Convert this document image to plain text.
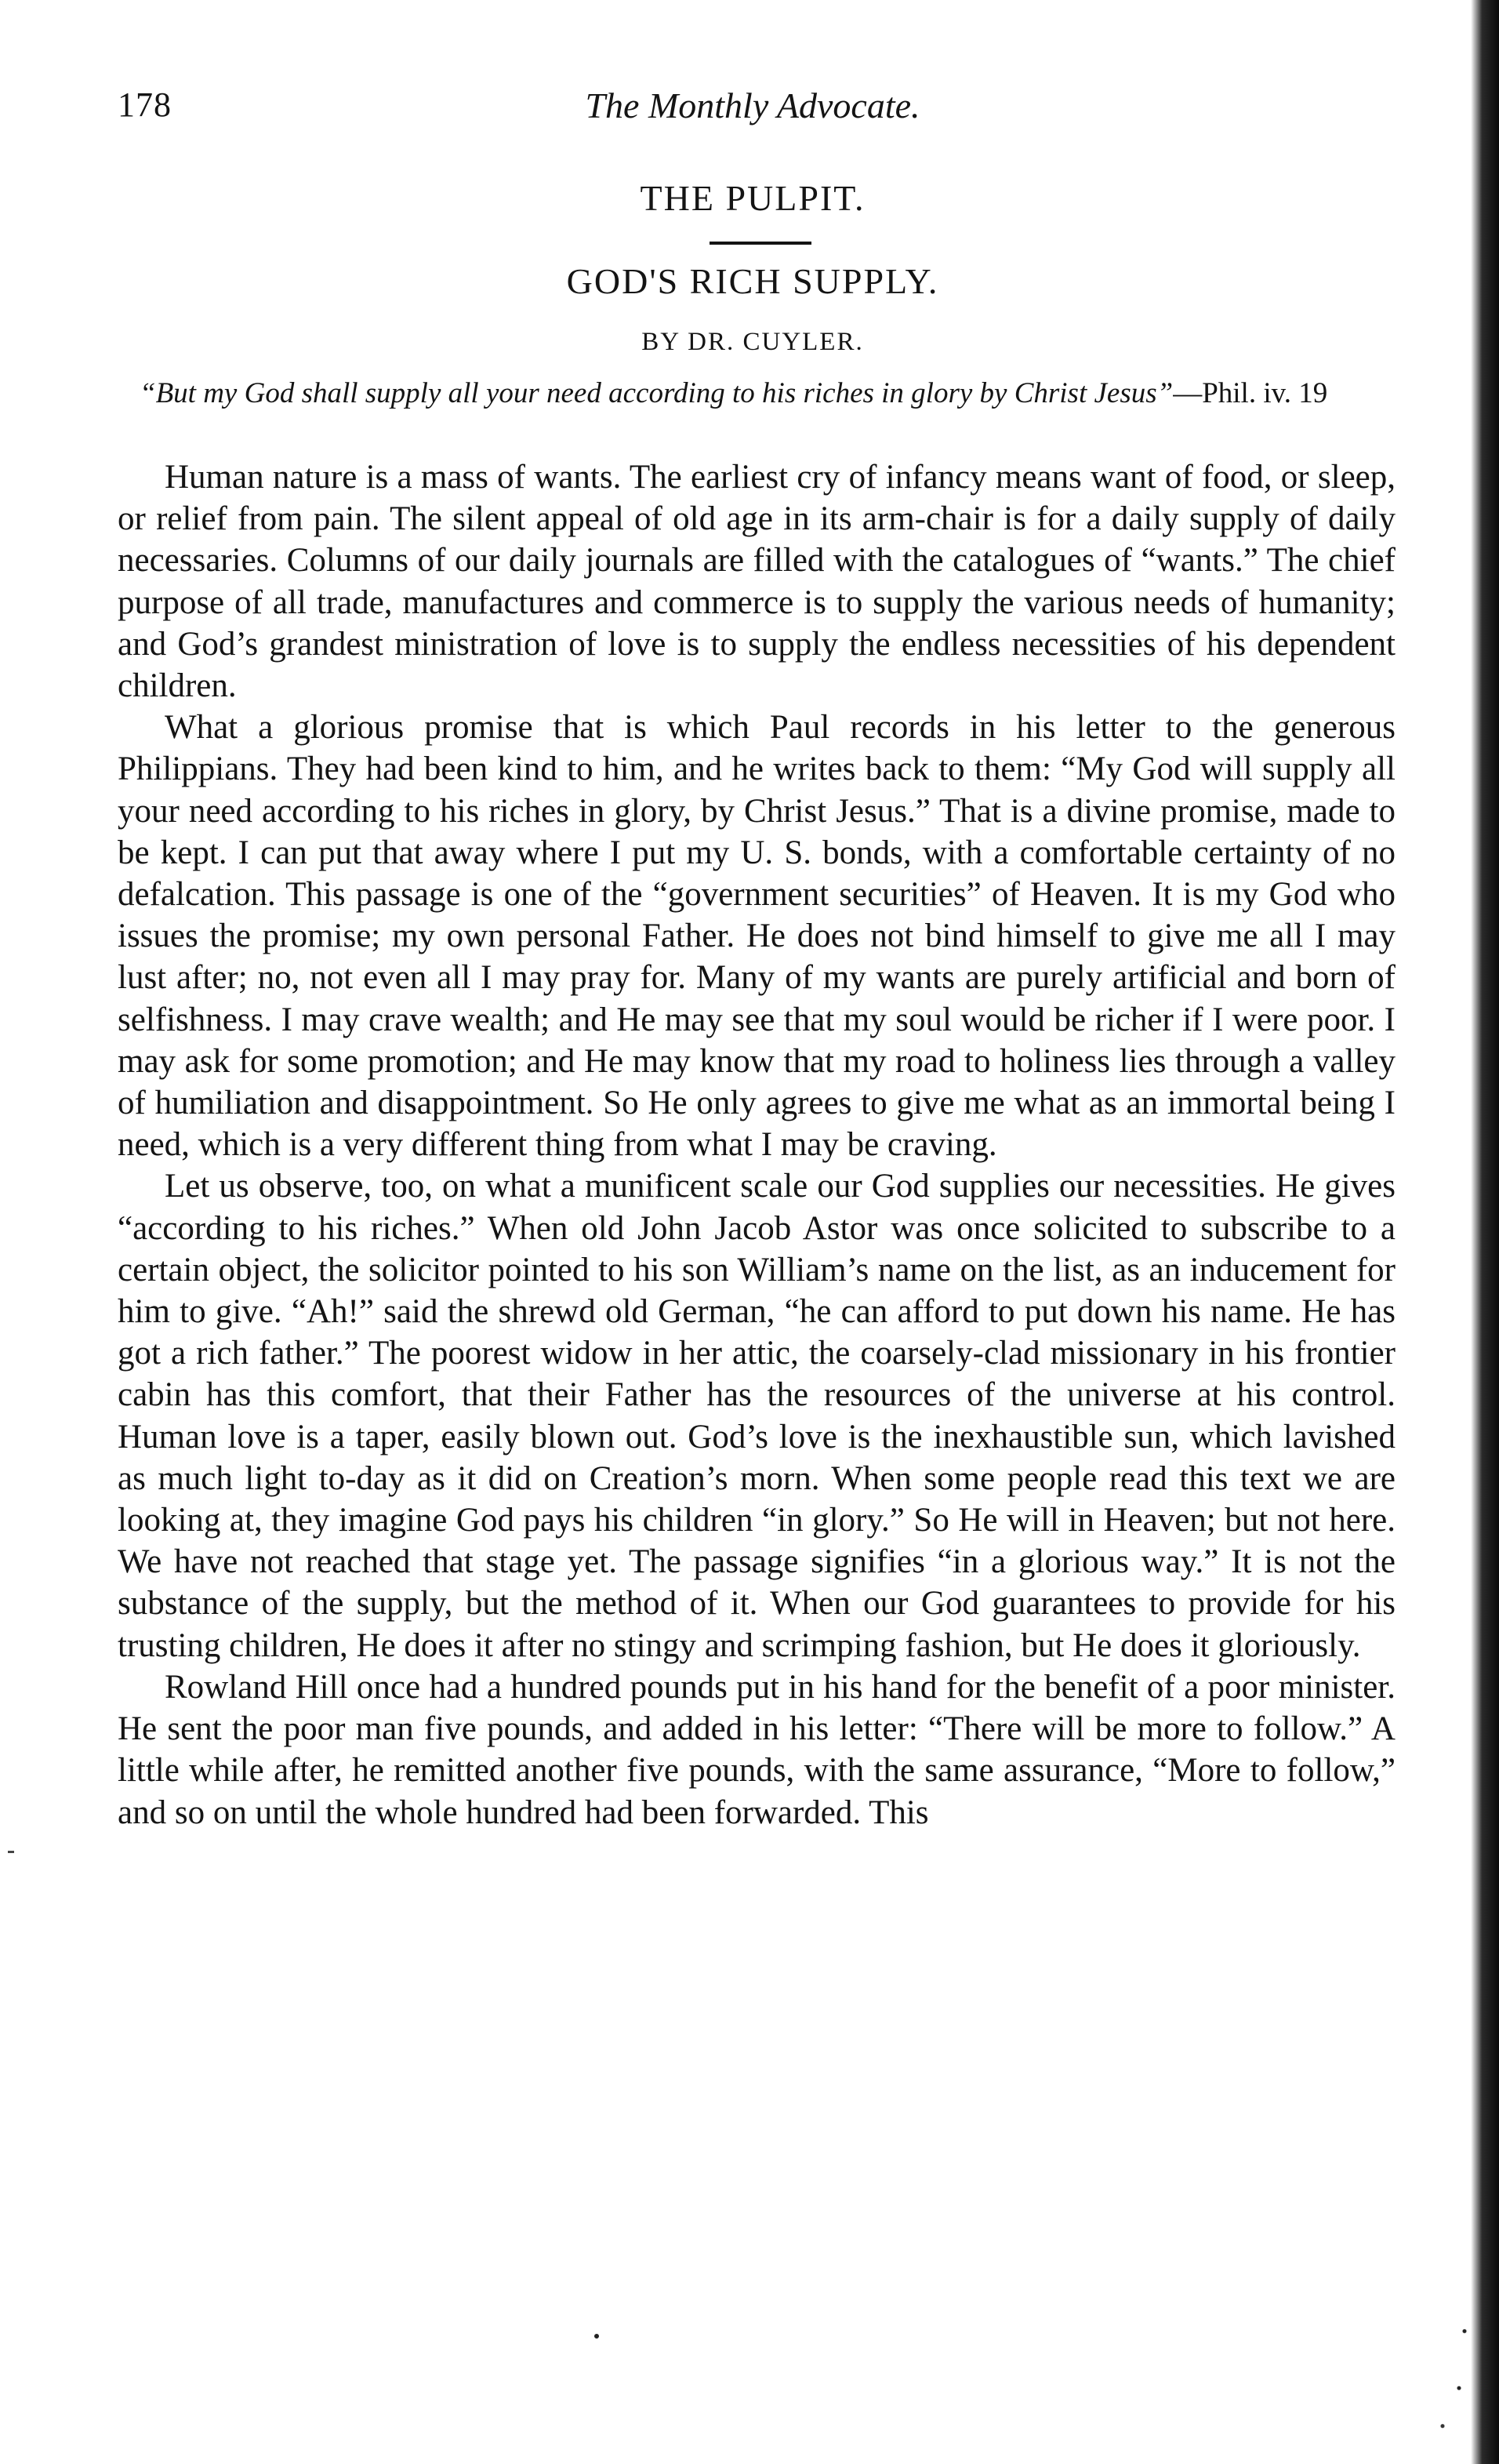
178	The Monthly Advocate.
THE PULPIT.
GOD'S RICH SUPPLY.
BY DR. CUYLER.
“But my God shall supply all your need according to his riches in glory by Christ Jesus”—Phil. iv. 19

Human nature is a mass of wants. The earliest cry of infancy means want of food, or sleep, or relief from pain. The silent appeal of old age in its arm-chair is for a daily supply of daily necessaries. Columns of our daily journals are filled with the catalogues of “wants.” The chief purpose of all trade, manufactures and commerce is to supply the various needs of humanity; and God’s grandest ministration of love is to supply the endless necessities of his dependent children.

What a glorious promise that is which Paul records in his letter to the generous Philippians. They had been kind to him, and he writes back to them: “My God will supply all your need according to his riches in glory, by Christ Jesus.” That is a divine promise, made to be kept. I can put that away where I put my U. S. bonds, with a comfortable certainty of no defalcation. This passage is one of the “government securities” of Heaven. It is my God who issues the promise; my own personal Father. He does not bind himself to give me all I may lust after; no, not even all I may pray for. Many of my wants are purely artificial and born of selfishness. I may crave wealth; and He may see that my soul would be richer if I were poor. I may ask for some promotion; and He may know that my road to holiness lies through a valley of humiliation and disappointment. So He only agrees to give me what as an immortal being I need, which is a very different thing from what I may be craving.

Let us observe, too, on what a munificent scale our God supplies our necessities. He gives “according to his riches.” When old John Jacob Astor was once solicited to subscribe to a certain object, the solicitor pointed to his son William’s name on the list, as an inducement for him to give. “Ah!” said the shrewd old German, “he can afford to put down his name. He has got a rich father.” The poorest widow in her attic, the coarsely-clad missionary in his frontier cabin has this comfort, that their Father has the resources of the universe at his control. Human love is a taper, easily blown out. God’s love is the inexhaustible sun, which lavished as much light to-day as it did on Creation’s morn. When some people read this text we are looking at, they imagine God pays his children “in glory.” So He will in Heaven; but not here. We have not reached that stage yet. The passage signifies “in a glorious way.” It is not the substance of the supply, but the method of it. When our God guarantees to provide for his trusting children, He does it after no stingy and scrimping fashion, but He does it gloriously.

Rowland Hill once had a hundred pounds put in his hand for the benefit of a poor minister. He sent the poor man five pounds, and added in his letter: “There will be more to follow.” A little while after, he remitted another five pounds, with the same assurance, “More to follow,” and so on until the whole hundred had been forwarded. This
